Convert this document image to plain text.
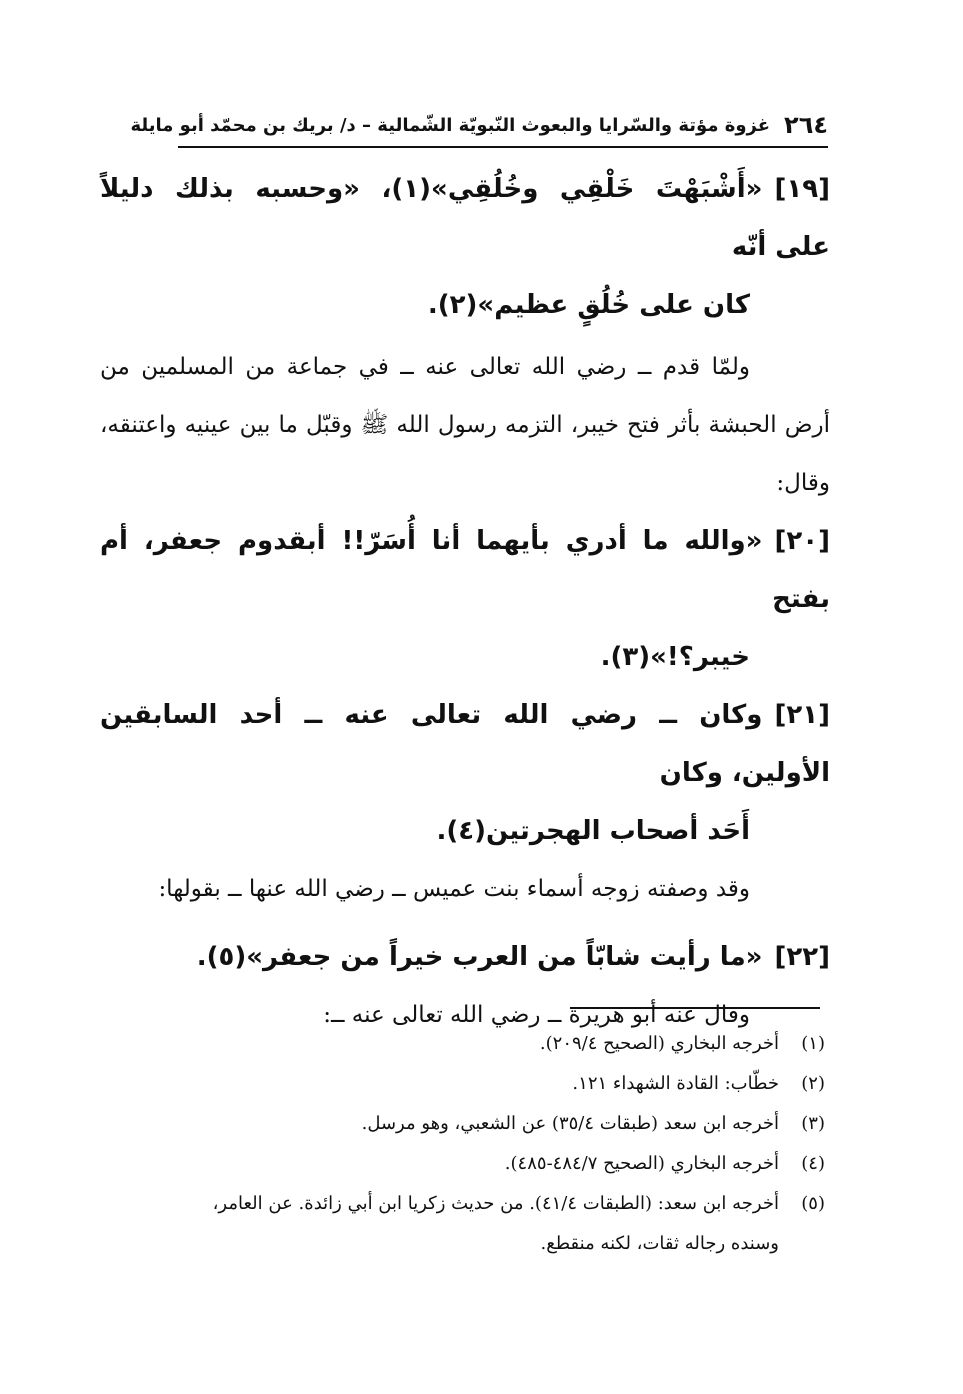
٢٦٤
غزوة مؤتة والسّرايا والبعوث النّبويّة الشّمالية – د/ بريك بن محمّد أبو مايلة

[١٩]«أَشْبَهْتَ خَلْقِي وخُلُقِي»(١)، «وحسبه بذلك دليلاً على أنّه
كان على خُلُقٍ عظيم»(٢).

ولمّا قدم ــ رضي الله تعالى عنه ــ في جماعة من المسلمين من أرض الحبشة بأثر فتح خيبر، التزمه رسول الله ﷺ وقبّل ما بين عينيه واعتنقه، وقال:

[٢٠]«والله ما أدري بأيهما أنا أُسَرّ!! أبقدوم جعفر، أم بفتح
خيبر؟!»(٣).

[٢١]وكان ــ رضي الله تعالى عنه ــ أحد السابقين الأولين، وكان
أَحَد أصحاب الهجرتين(٤).

وقد وصفته زوجه أسماء بنت عميس ــ رضي الله عنها ــ بقولها:

[٢٢]«ما رأيت شابّاً من العرب خيراً من جعفر»(٥).

وقال عنه أبو هريرة ــ رضي الله تعالى عنه ــ:

(١)أخرجه البخاري (الصحيح ٢٠٩/٤).

(٢)خطّاب: القادة الشهداء ١٢١.

(٣)أخرجه ابن سعد (طبقات ٣٥/٤) عن الشعبي، وهو مرسل.

(٤)أخرجه البخاري (الصحيح ٤٨٤/٧-٤٨٥).

(٥)أخرجه ابن سعد: (الطبقات ٤١/٤). من حديث زكريا ابن أبي زائدة. عن العامر،
وسنده رجاله ثقات، لكنه منقطع.
